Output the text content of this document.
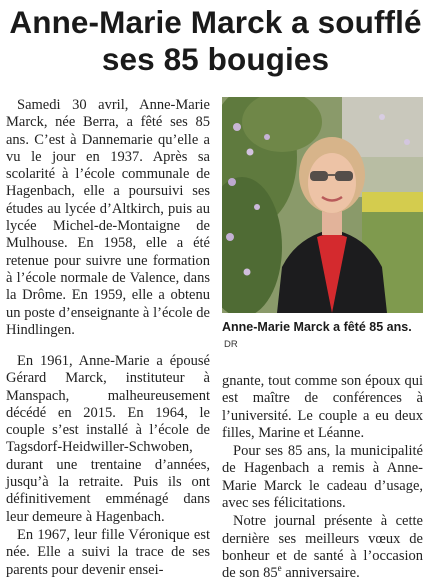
Anne-Marie Marck a soufflé
ses 85 bougies

Samedi 30 avril, Anne-Marie Marck, née Berra, a fêté ses 85 ans. C’est à Dannemarie qu’elle a vu le jour en 1937. Après sa scolarité à l’école communale de Hagenbach, elle a poursuivi ses études au lycée d’Altkirch, puis au lycée Michel-de-Montaigne de Mulhouse. En 1958, elle a été retenue pour suivre une formation à l’école normale de Valence, dans la Drôme. En 1959, elle a obtenu un poste d’enseignante à l’école de Hindlingen.	Anne-Marie Marck a fêté 85 ans. DR

En 1961, Anne-Marie a épousé Gérard Marck, instituteur à Manspach, malheureusement décédé en 2015. En 1964, le couple s’est installé à l’école de Tagsdorf-Heidwiller-Schwoben, durant une trentaine d’années, jusqu’à la retraite. Puis ils ont définitivement emménagé dans leur demeure à Hagenbach.

En 1967, leur fille Véronique est née. Elle a suivi la trace de ses parents pour devenir ensei-

gnante, tout comme son époux qui est maître de conférences à l’université. Le couple a eu deux filles, Marine et Léanne.

Pour ses 85 ans, la municipalité de Hagenbach a remis à Anne-Marie Marck le cadeau d’usage, avec ses félicitations.

Notre journal présente à cette dernière ses meilleurs vœux de bonheur et de santé à l’occasion de son 85e anniversaire.
